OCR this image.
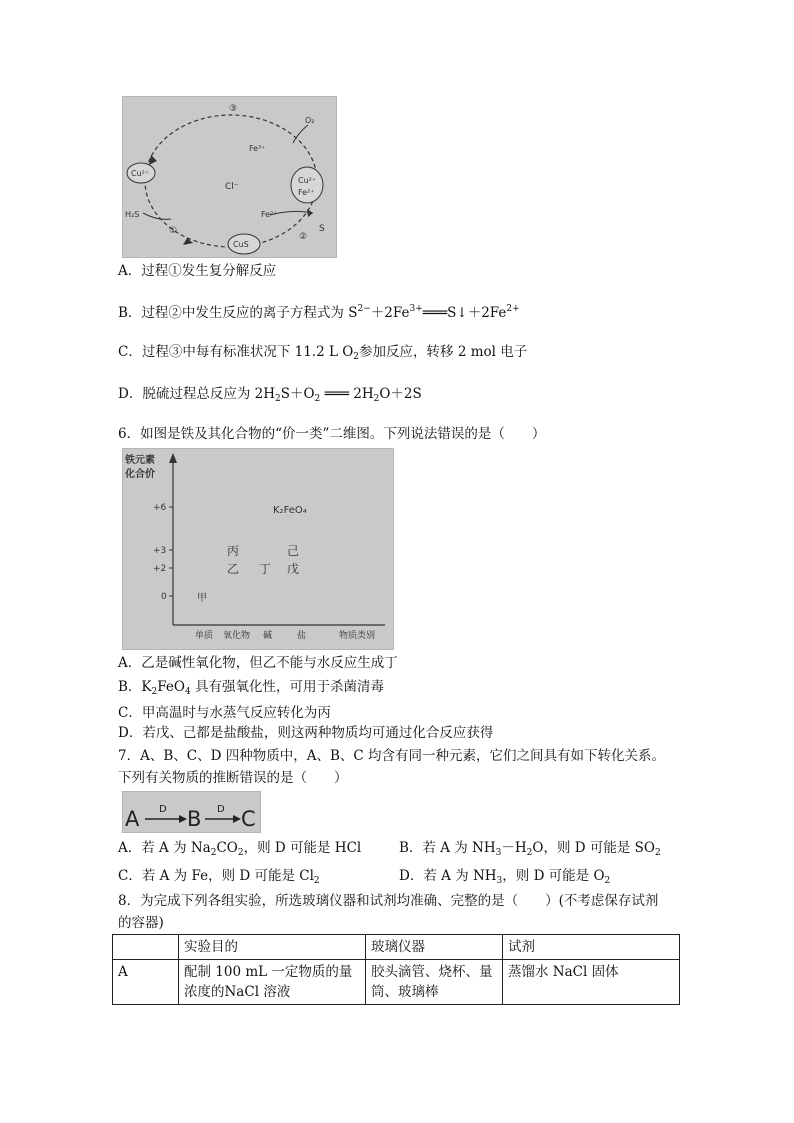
③
O₂
Fe³⁺
Cu²⁺
Cl⁻
Cu²⁺
Fe²⁺
H₂S	Fe²⁺
①
CuS
②
S
A．过程①发生复分解反应
B．过程②中发生反应的离子方程式为 $S^{2-}+2Fe^{3+}═══S↓+2Fe^{2+}$
C．过程③中每有标准状况下 11.2 L $O_2$参加反应，转移 2 mol 电子
D．脱硫过程总反应为 $2H_2S+O_2$ ═══ $2H_2O+2S$
6．如图是铁及其化合物的“价一类”二维图。下列说法错误的是（　　）
铁元素
化合价
+6
+3
+2
0
K₂FeO₄
丙	己
乙 丁 戊
甲
单质 氧化物 碱	盐	物质类别
A．乙是碱性氧化物，但乙不能与水反应生成丁
B．$K_2FeO_4$ 具有强氧化性，可用于杀菌清毒
C．甲高温时与水蒸气反应转化为丙
D．若戊、己都是盐酸盐，则这两种物质均可通过化合反应获得
7．A、B、C、D 四种物质中，A、B、C 均含有同一种元素，它们之间具有如下转化关系。
下列有关物质的推断错误的是（　　）
A D B D C
A．若 A 为 $Na_2CO_2$，则 D 可能是 HCl	B．若 A 为 $NH_3-H_2O$，则 D 可能是 $SO_2$
C．若 A 为 Fe，则 D 可能是 $Cl_2$	D．若 A 为 $NH_3$，则 D 可能是 $O_2$
8．为完成下列各组实验，所选玻璃仪器和试剂均准确、完整的是（　　）(不考虑保存试剂
的容器)
	实验目的	玻璃仪器	试剂
A	配制 100 mL 一定物质的量浓度的NaCl 溶液	胶头滴管、烧杯、量筒、玻璃棒	蒸馏水 NaCl 固体
